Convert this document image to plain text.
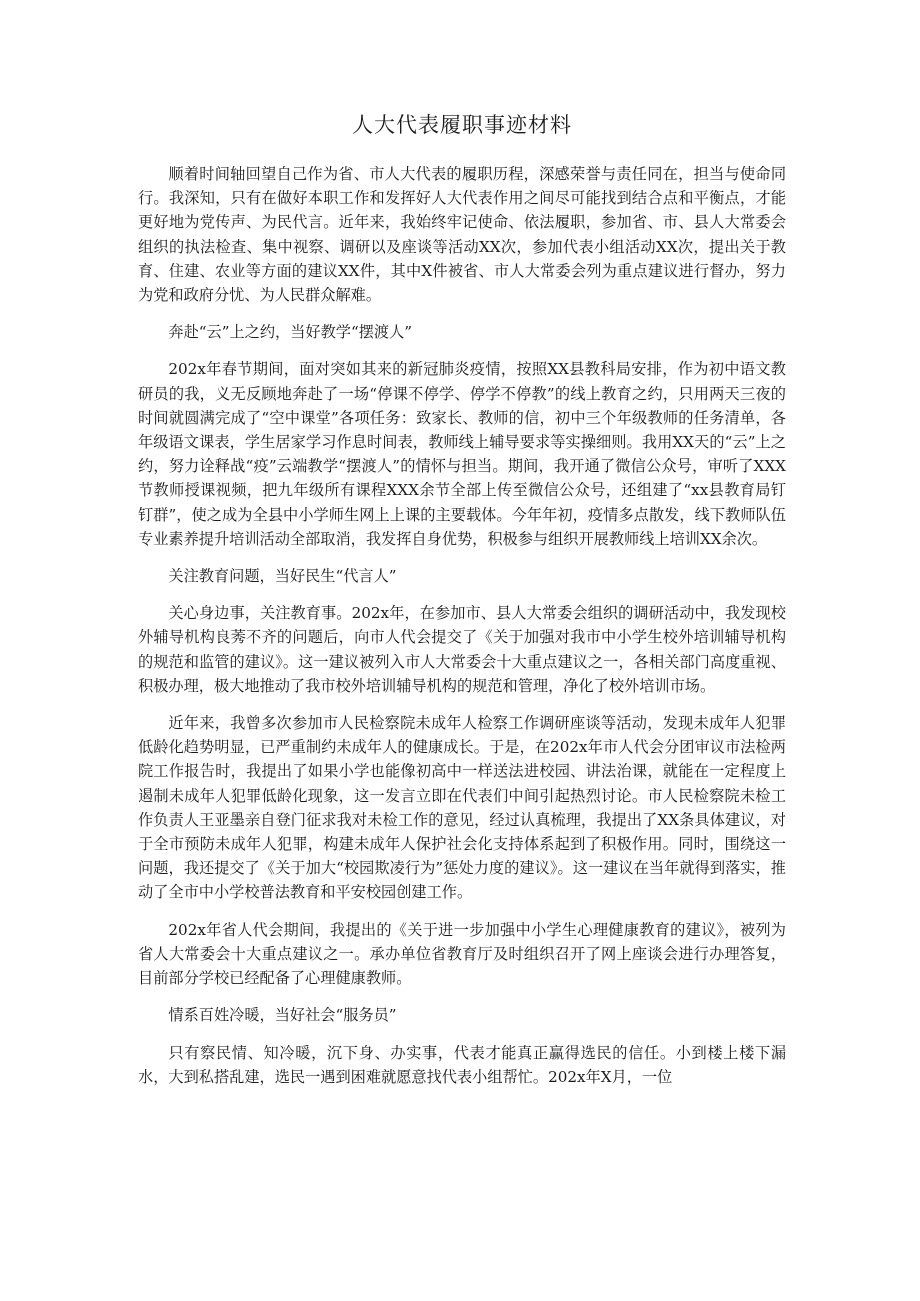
人大代表履职事迹材料

顺着时间轴回望自己作为省、市人大代表的履职历程，深感荣誉与责任同在，担当与使命同行。我深知，只有在做好本职工作和发挥好人大代表作用之间尽可能找到结合点和平衡点，才能更好地为党传声、为民代言。近年来，我始终牢记使命、依法履职，参加省、市、县人大常委会组织的执法检查、集中视察、调研以及座谈等活动XX次，参加代表小组活动XX次，提出关于教育、住建、农业等方面的建议XX件，其中X件被省、市人大常委会列为重点建议进行督办，努力为党和政府分忧、为人民群众解难。

奔赴“云”上之约，当好教学“摆渡人”

202x年春节期间，面对突如其来的新冠肺炎疫情，按照XX县教科局安排，作为初中语文教研员的我，义无反顾地奔赴了一场“停课不停学、停学不停教”的线上教育之约，只用两天三夜的时间就圆满完成了“空中课堂”各项任务：致家长、教师的信，初中三个年级教师的任务清单，各年级语文课表，学生居家学习作息时间表，教师线上辅导要求等实操细则。我用XX天的“云”上之约，努力诠释战“疫”云端教学“摆渡人”的情怀与担当。期间，我开通了微信公众号，审听了XXX节教师授课视频，把九年级所有课程XXX余节全部上传至微信公众号，还组建了“xx县教育局钉钉群”，使之成为全县中小学师生网上上课的主要载体。今年年初，疫情多点散发，线下教师队伍专业素养提升培训活动全部取消，我发挥自身优势，积极参与组织开展教师线上培训XX余次。

关注教育问题，当好民生“代言人”

关心身边事，关注教育事。202x年，在参加市、县人大常委会组织的调研活动中，我发现校外辅导机构良莠不齐的问题后，向市人代会提交了《关于加强对我市中小学生校外培训辅导机构的规范和监管的建议》。这一建议被列入市人大常委会十大重点建议之一，各相关部门高度重视、积极办理，极大地推动了我市校外培训辅导机构的规范和管理，净化了校外培训市场。

近年来，我曾多次参加市人民检察院未成年人检察工作调研座谈等活动，发现未成年人犯罪低龄化趋势明显，已严重制约未成年人的健康成长。于是，在202x年市人代会分团审议市法检两院工作报告时，我提出了如果小学也能像初高中一样送法进校园、讲法治课，就能在一定程度上遏制未成年人犯罪低龄化现象，这一发言立即在代表们中间引起热烈讨论。市人民检察院未检工作负责人王亚墨亲自登门征求我对未检工作的意见，经过认真梳理，我提出了XX条具体建议，对于全市预防未成年人犯罪，构建未成年人保护社会化支持体系起到了积极作用。同时，围绕这一问题，我还提交了《关于加大“校园欺凌行为”惩处力度的建议》。这一建议在当年就得到落实，推动了全市中小学校普法教育和平安校园创建工作。

202x年省人代会期间，我提出的《关于进一步加强中小学生心理健康教育的建议》，被列为省人大常委会十大重点建议之一。承办单位省教育厅及时组织召开了网上座谈会进行办理答复，目前部分学校已经配备了心理健康教师。

情系百姓冷暖，当好社会“服务员”

只有察民情、知冷暖，沉下身、办实事，代表才能真正赢得选民的信任。小到楼上楼下漏水，大到私搭乱建，选民一遇到困难就愿意找代表小组帮忙。202x年X月，一位
